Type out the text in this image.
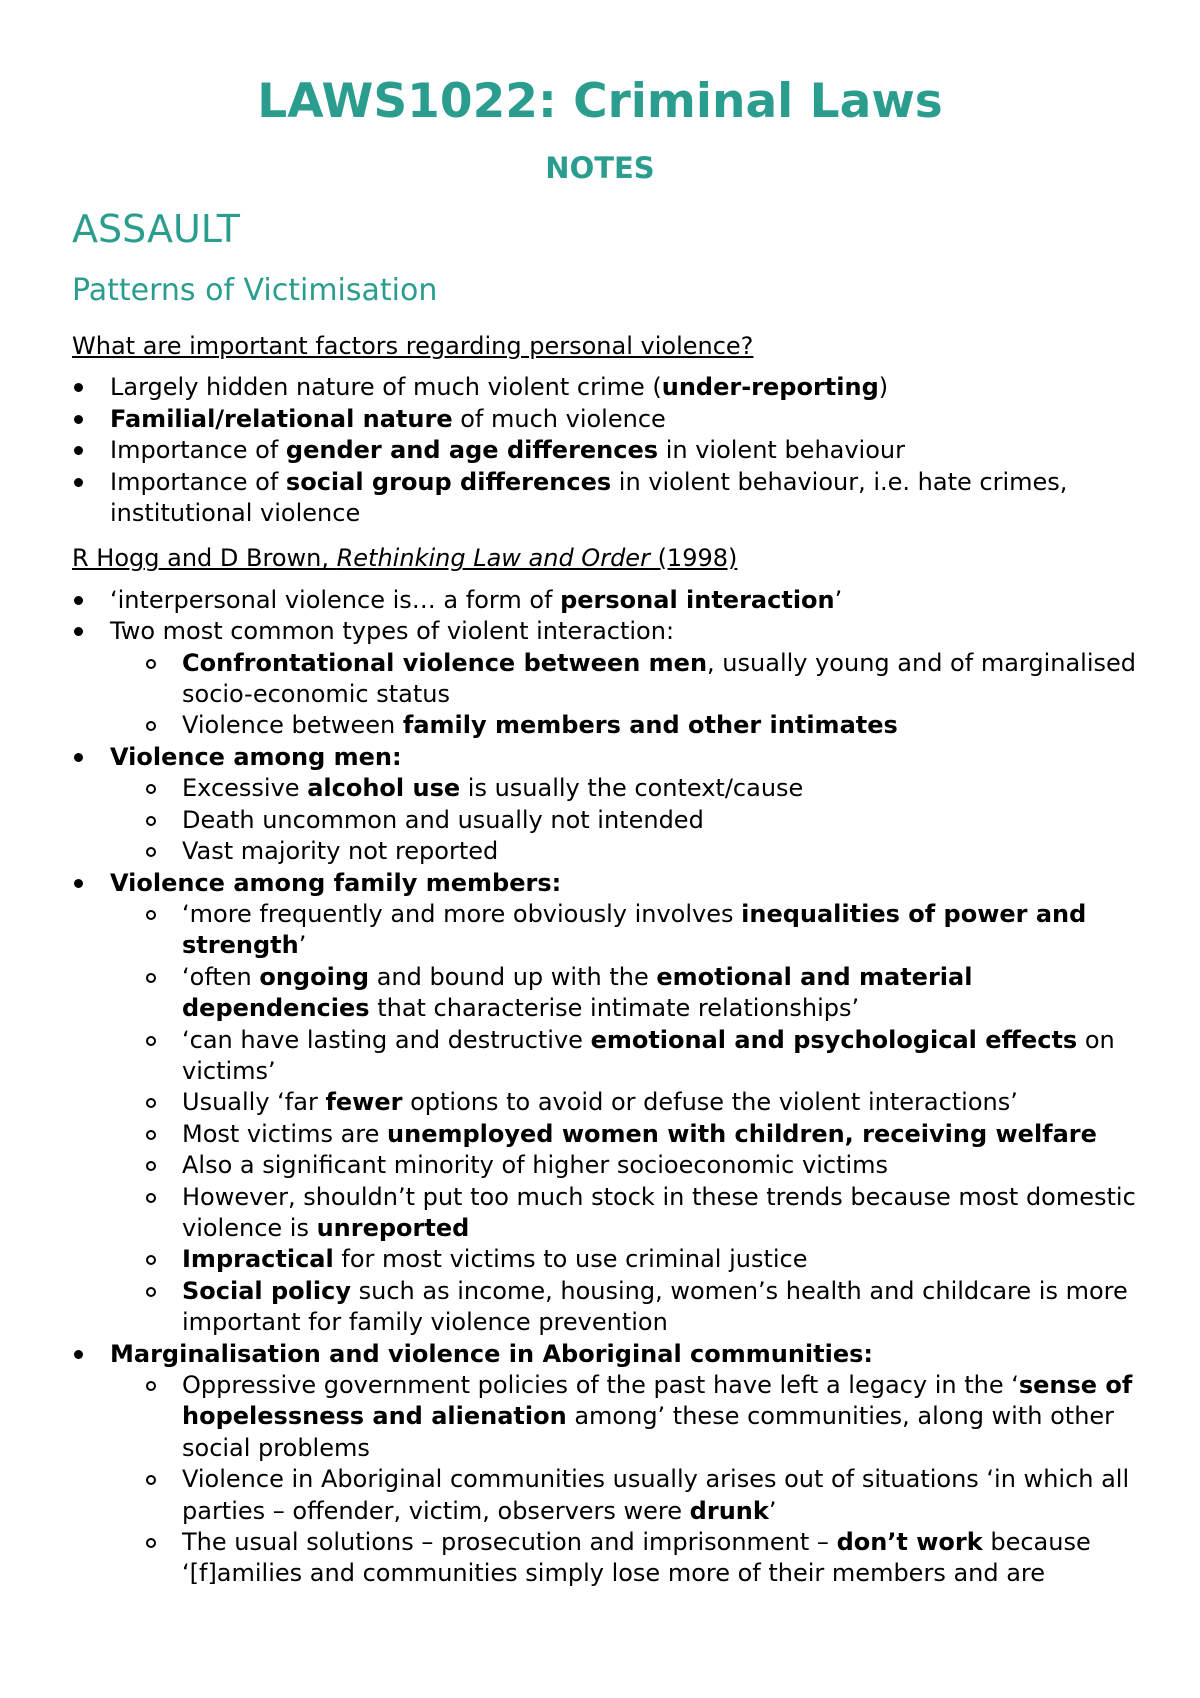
LAWS1022: Criminal Laws
NOTES
ASSAULT
Patterns of Victimisation
What are important factors regarding personal violence?
Largely hidden nature of much violent crime (under-reporting)
Familial/relational nature of much violence
Importance of gender and age differences in violent behaviour
Importance of social group differences in violent behaviour, i.e. hate crimes, institutional violence
R Hogg and D Brown, Rethinking Law and Order (1998)
‘interpersonal violence is… a form of personal interaction’
Two most common types of violent interaction:
Confrontational violence between men, usually young and of marginalised socio-economic status
Violence between family members and other intimates
Violence among men:
Excessive alcohol use is usually the context/cause
Death uncommon and usually not intended
Vast majority not reported
Violence among family members:
‘more frequently and more obviously involves inequalities of power and strength’
‘often ongoing and bound up with the emotional and material dependencies that characterise intimate relationships’
‘can have lasting and destructive emotional and psychological effects on victims’
Usually ‘far fewer options to avoid or defuse the violent interactions’
Most victims are unemployed women with children, receiving welfare
Also a significant minority of higher socioeconomic victims
However, shouldn’t put too much stock in these trends because most domestic violence is unreported
Impractical for most victims to use criminal justice
Social policy such as income, housing, women’s health and childcare is more important for family violence prevention
Marginalisation and violence in Aboriginal communities:
Oppressive government policies of the past have left a legacy in the ‘sense of hopelessness and alienation among’ these communities, along with other social problems
Violence in Aboriginal communities usually arises out of situations ‘in which all parties – offender, victim, observers were drunk’
The usual solutions – prosecution and imprisonment – don’t work because ‘[f]amilies and communities simply lose more of their members and are
